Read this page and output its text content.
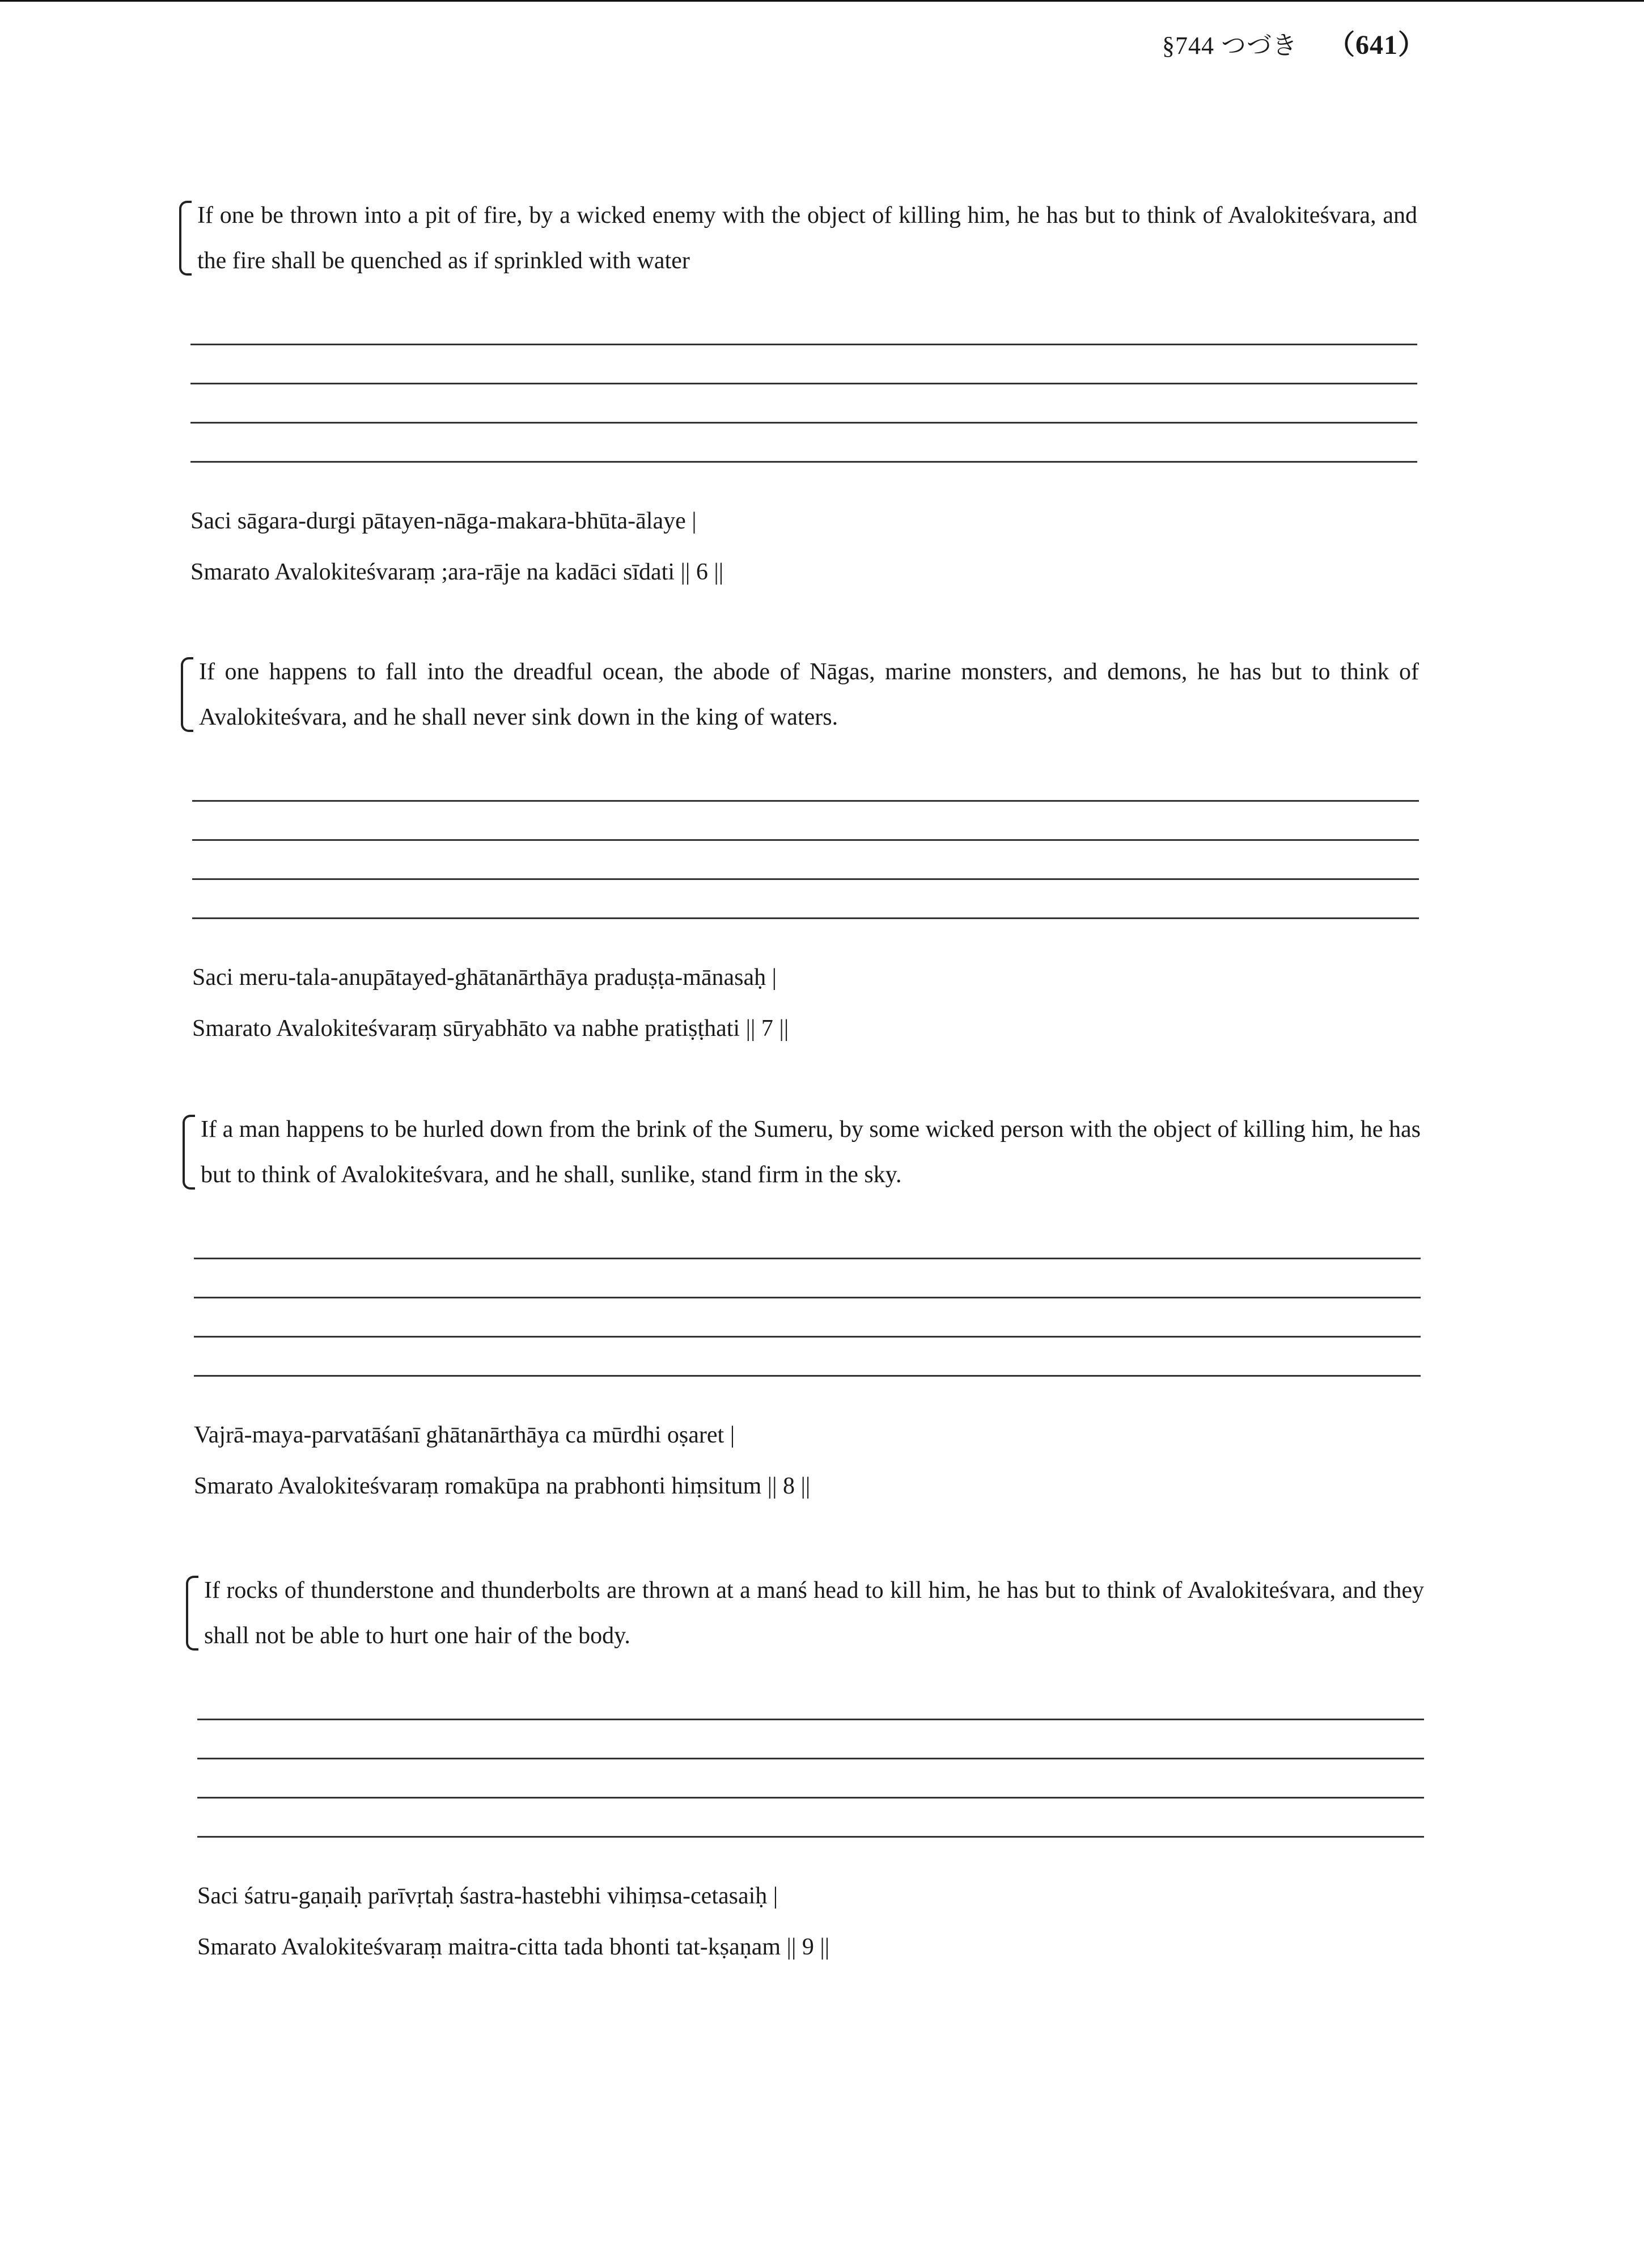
§744 つづき （641）
If one be thrown into a pit of fire, by a wicked enemy with the object of killing him, he has but to think of Avalokiteśvara, and the fire shall be quenched as if sprinkled with water

Saci sāgara-durgi pātayen-nāga-makara-bhūta-ālaye |

Smarato Avalokiteśvaraṃ ;ara-rāje na kadāci sīdati || 6 ||

If one happens to fall into the dreadful ocean, the abode of Nāgas, marine monsters, and demons, he has but to think of Avalokiteśvara, and he shall never sink down in the king of waters.

Saci meru-tala-anupātayed-ghātanārthāya praduṣṭa-mānasaḥ |

Smarato Avalokiteśvaraṃ sūryabhāto va nabhe pratiṣṭhati || 7 ||

If a man happens to be hurled down from the brink of the Sumeru, by some wicked person with the object of killing him, he has but to think of Avalokiteśvara, and he shall, sunlike, stand firm in the sky.

Vajrā-maya-parvatāśanī ghātanārthāya ca mūrdhi oṣaret |

Smarato Avalokiteśvaraṃ romakūpa na prabhonti hiṃsitum || 8 ||

If rocks of thunderstone and thunderbolts are thrown at a manś head to kill him, he has but to think of Avalokiteśvara, and they shall not be able to hurt one hair of the body.

Saci śatru-gaṇaiḥ parīvṛtaḥ śastra-hastebhi vihiṃsa-cetasaiḥ |

Smarato Avalokiteśvaraṃ maitra-citta tada bhonti tat-kṣaṇam || 9 ||
